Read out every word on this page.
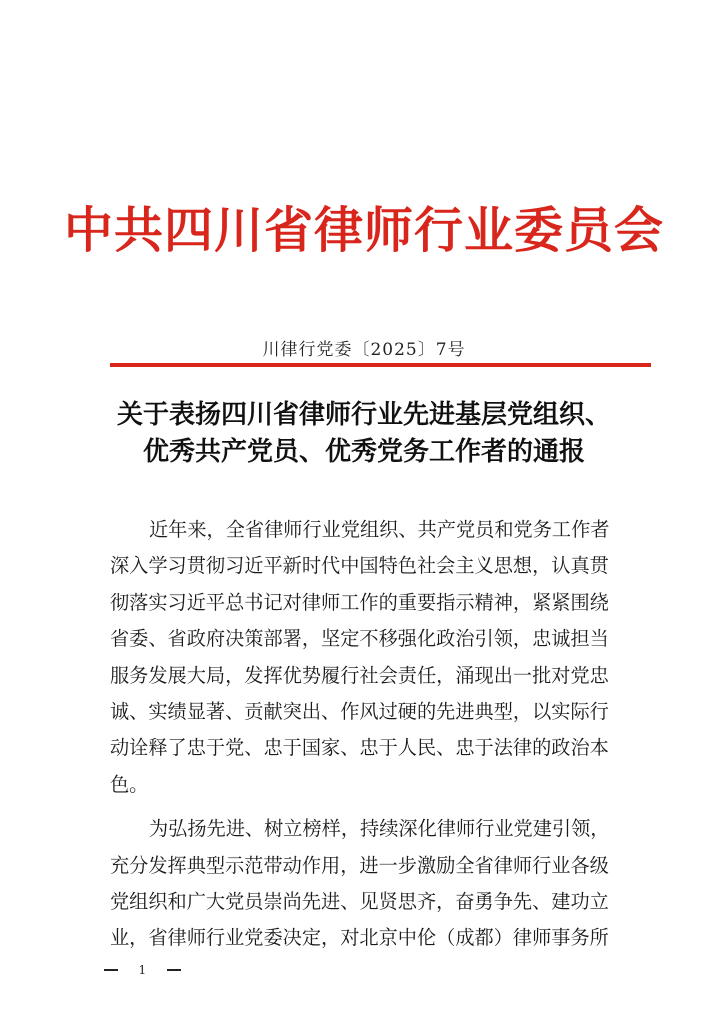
中共四川省律师行业委员会
川律行党委〔2025〕7号
关于表扬四川省律师行业先进基层党组织、
优秀共产党员、优秀党务工作者的通报

近年来，全省律师行业党组织、共产党员和党务工作者
深入学习贯彻习近平新时代中国特色社会主义思想，认真贯
彻落实习近平总书记对律师工作的重要指示精神，紧紧围绕
省委、省政府决策部署，坚定不移强化政治引领，忠诚担当
服务发展大局，发挥优势履行社会责任，涌现出一批对党忠
诚、实绩显著、贡献突出、作风过硬的先进典型，以实际行
动诠释了忠于党、忠于国家、忠于人民、忠于法律的政治本
色。

为弘扬先进、树立榜样，持续深化律师行业党建引领，
充分发挥典型示范带动作用，进一步激励全省律师行业各级
党组织和广大党员崇尚先进、见贤思齐，奋勇争先、建功立
业，省律师行业党委决定，对北京中伦（成都）律师事务所

1
